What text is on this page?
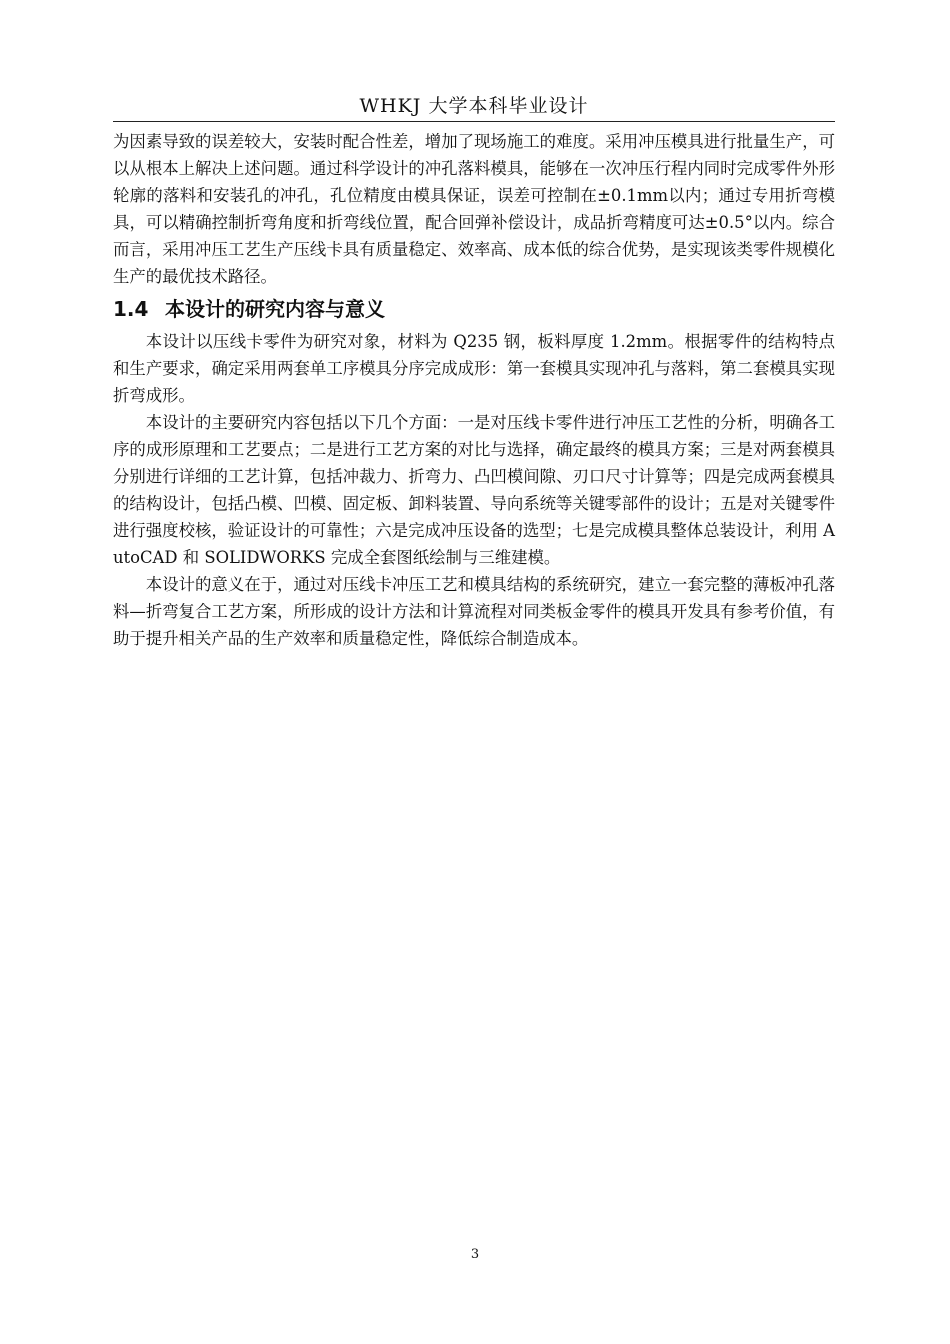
WHKJ 大学本科毕业设计

为因素导致的误差较大，安装时配合性差，增加了现场施工的难度。采用冲压模具进行批量生产，可以从根本上解决上述问题。通过科学设计的冲孔落料模具，能够在一次冲压行程内同时完成零件外形轮廓的落料和安装孔的冲孔，孔位精度由模具保证，误差可控制在±0.1mm以内；通过专用折弯模具，可以精确控制折弯角度和折弯线位置，配合回弹补偿设计，成品折弯精度可达±0.5°以内。综合而言，采用冲压工艺生产压线卡具有质量稳定、效率高、成本低的综合优势，是实现该类零件规模化生产的最优技术路径。

1.4 本设计的研究内容与意义

本设计以压线卡零件为研究对象，材料为 Q235 钢，板料厚度 1.2mm。根据零件的结构特点和生产要求，确定采用两套单工序模具分序完成成形：第一套模具实现冲孔与落料，第二套模具实现折弯成形。

本设计的主要研究内容包括以下几个方面：一是对压线卡零件进行冲压工艺性的分析，明确各工序的成形原理和工艺要点；二是进行工艺方案的对比与选择，确定最终的模具方案；三是对两套模具分别进行详细的工艺计算，包括冲裁力、折弯力、凸凹模间隙、刃口尺寸计算等；四是完成两套模具的结构设计，包括凸模、凹模、固定板、卸料装置、导向系统等关键零部件的设计；五是对关键零件进行强度校核，验证设计的可靠性；六是完成冲压设备的选型；七是完成模具整体总装设计，利用 AutoCAD 和 SOLIDWORKS 完成全套图纸绘制与三维建模。

本设计的意义在于，通过对压线卡冲压工艺和模具结构的系统研究，建立一套完整的薄板冲孔落料—折弯复合工艺方案，所形成的设计方法和计算流程对同类板金零件的模具开发具有参考价值，有助于提升相关产品的生产效率和质量稳定性，降低综合制造成本。

3
